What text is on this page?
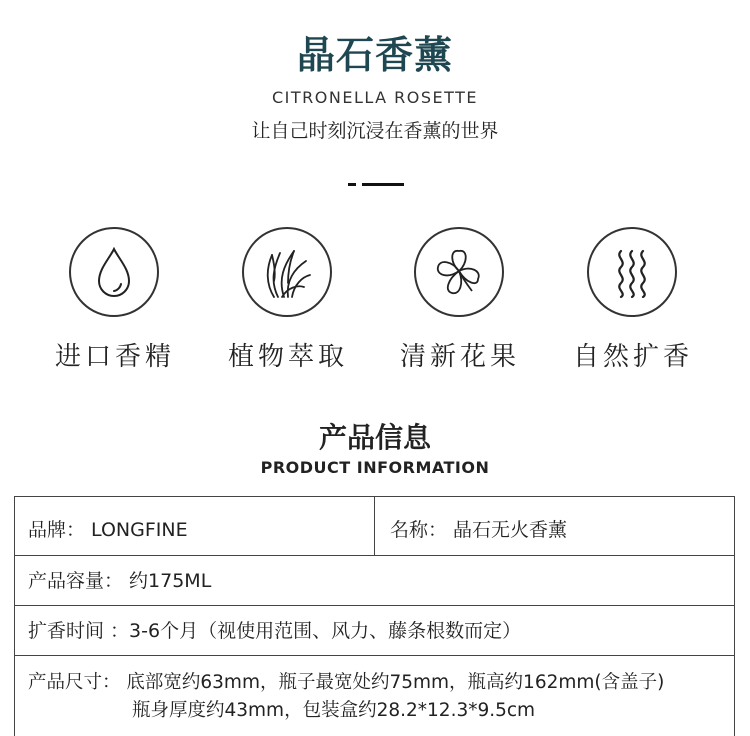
晶石香薰
CITRONELLA ROSETTE
让自己时刻沉浸在香薰的世界
进口香精	植物萃取	清新花果	自然扩香
产品信息
PRODUCT INFORMATION
品牌： LONGFINE	名称： 晶石无火香薰
产品容量： 约175ML
扩香时间 ：3-6个月（视使用范围、风力、藤条根数而定）
产品尺寸： 底部宽约63mm，瓶子最宽处约75mm，瓶高约162mm(含盖子)
瓶身厚度约43mm，包装盒约28.2*12.3*9.5cm
